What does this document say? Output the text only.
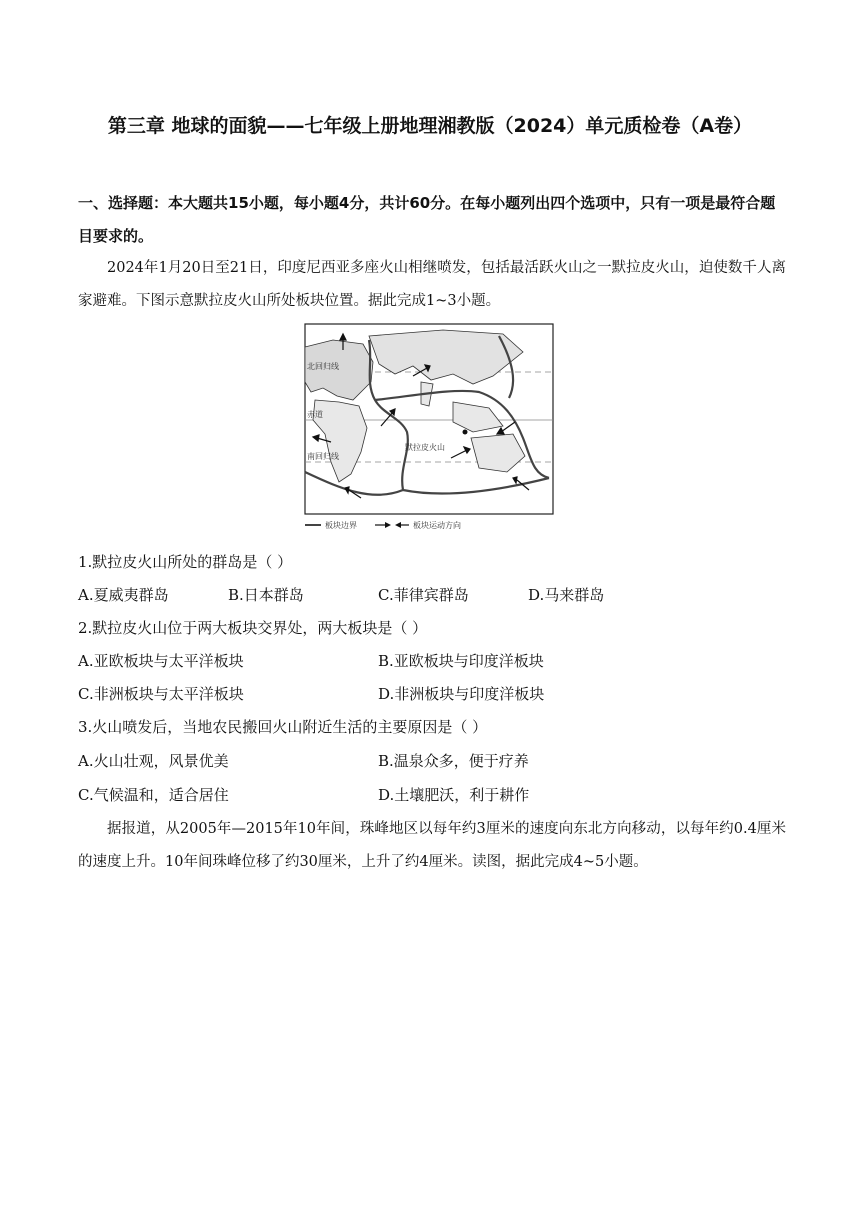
第三章 地球的面貌——七年级上册地理湘教版（2024）单元质检卷（A卷）
一、选择题：本大题共15小题，每小题4分，共计60分。在每小题列出四个选项中，只有一项是最符合题目要求的。
2024年1月20日至21日，印度尼西亚多座火山相继喷发，包括最活跃火山之一默拉皮火山，迫使数千人离家避难。下图示意默拉皮火山所处板块位置。据此完成1~3小题。
北回归线
赤道
南回归线
默拉皮火山
板块边界	板块运动方向
1.默拉皮火山所处的群岛是（ ）
A.夏威夷群岛	B.日本群岛	C.菲律宾群岛	D.马来群岛
2.默拉皮火山位于两大板块交界处，两大板块是（ ）
A.亚欧板块与太平洋板块	B.亚欧板块与印度洋板块
C.非洲板块与太平洋板块	D.非洲板块与印度洋板块
3.火山喷发后，当地农民搬回火山附近生活的主要原因是（ ）
A.火山壮观，风景优美	B.温泉众多，便于疗养
C.气候温和，适合居住	D.土壤肥沃，利于耕作
据报道，从2005年—2015年10年间，珠峰地区以每年约3厘米的速度向东北方向移动，以每年约0.4厘米的速度上升。10年间珠峰位移了约30厘米，上升了约4厘米。读图，据此完成4~5小题。
